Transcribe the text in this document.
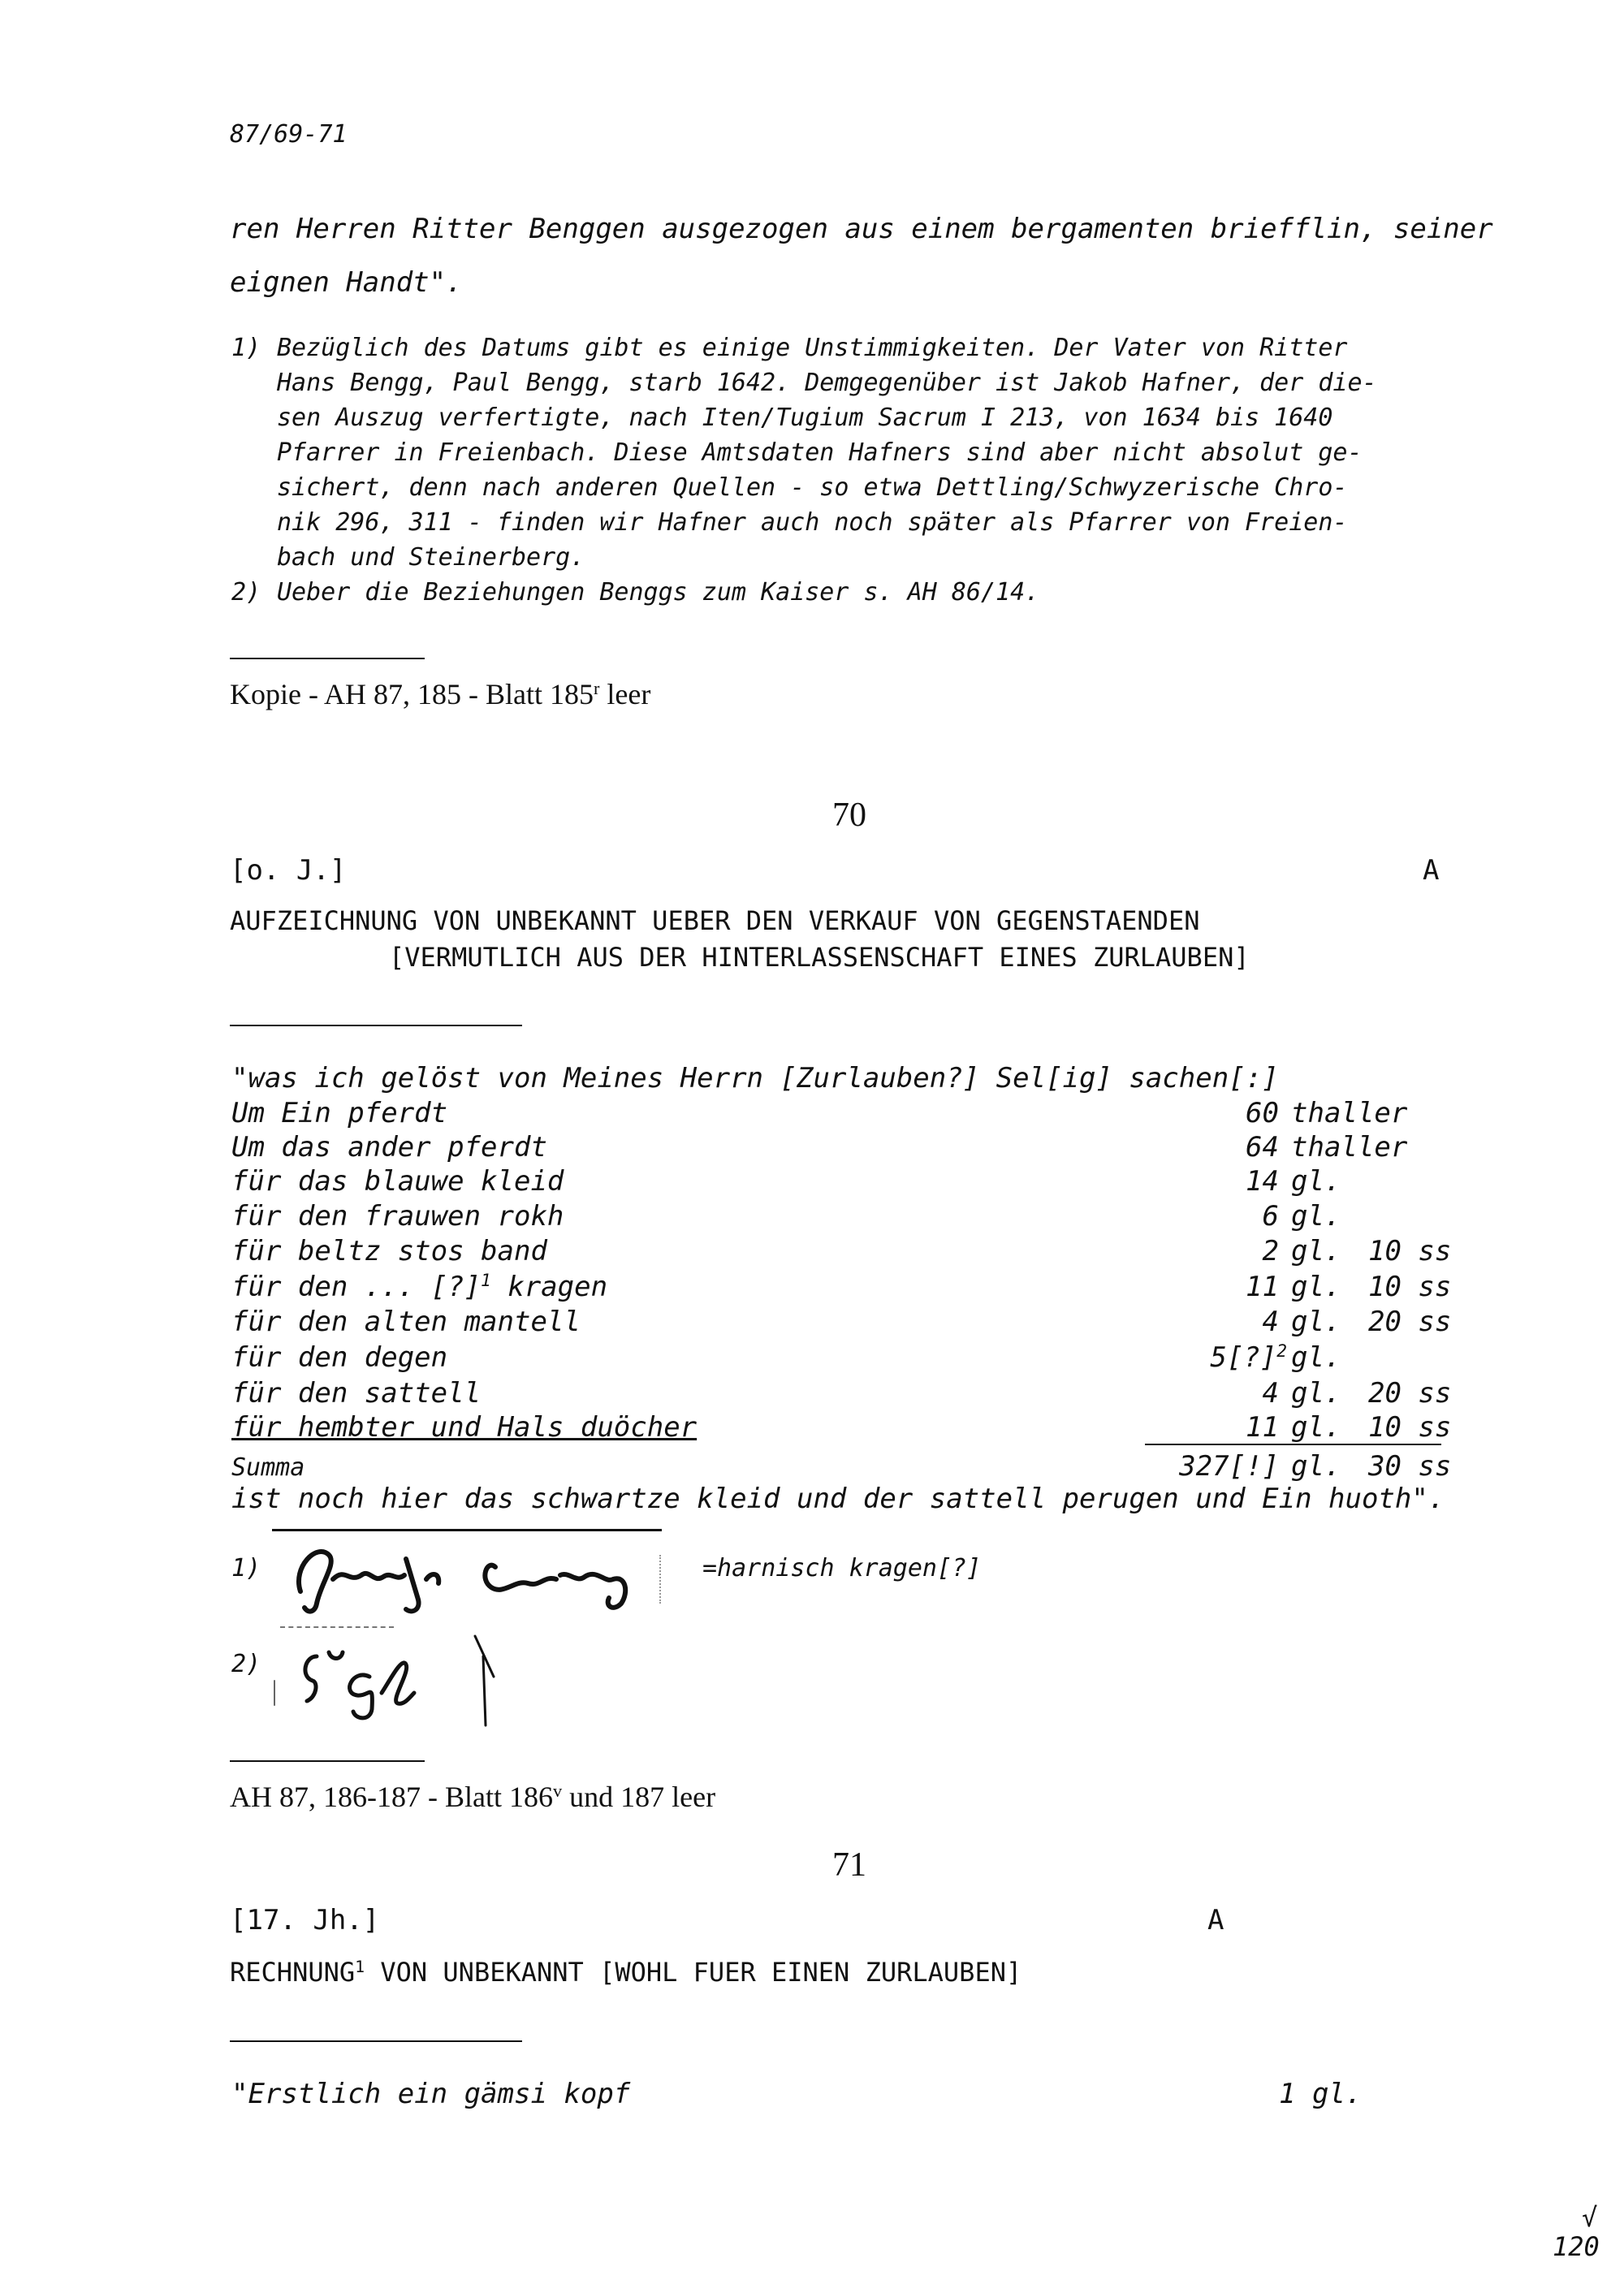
87/69-71
ren Herren Ritter Benggen ausgezogen aus einem bergamenten briefflin, seiner
eignen Handt".
1) Bezüglich des Datums gibt es einige Unstimmigkeiten. Der Vater von Ritter
Hans Bengg, Paul Bengg, starb 1642. Demgegenüber ist Jakob Hafner, der die-
sen Auszug verfertigte, nach Iten/Tugium Sacrum I 213, von 1634 bis 1640
Pfarrer in Freienbach. Diese Amtsdaten Hafners sind aber nicht absolut ge-
sichert, denn nach anderen Quellen - so etwa Dettling/Schwyzerische Chro-
nik 296, 311 - finden wir Hafner auch noch später als Pfarrer von Freien-
bach und Steinerberg.
2) Ueber die Beziehungen Benggs zum Kaiser s. AH 86/14.
Kopie - AH 87, 185 - Blatt 185$^r$ leer
70
[o. J.]	A
AUFZEICHNUNG VON UNBEKANNT UEBER DEN VERKAUF VON GEGENSTAENDEN
[VERMUTLICH AUS DER HINTERLASSENSCHAFT EINES ZURLAUBEN]
"was ich gelöst von Meines Herrn [Zurlauben?] Sel[ig] sachen[:]
Um Ein pferdt	60 thaller
Um das ander pferdt	64 thaller
für das blauwe kleid	14 gl.
für den frauwen rokh	6 gl.
für beltz stos band	2 gl. 10 ss
für den ... [?]$^1$ kragen	11 gl. 10 ss
für den alten mantell	4 gl. 20 ss
für den degen	5[?]$^2$ gl.
für den sattell	4 gl. 20 ss
für hembter und Hals duöcher	11 gl. 10 ss
Summa	327[!] gl. 30 ss
ist noch hier das schwartze kleid und der sattell perugen und Ein huoth".
1)	=harnisch kragen[?]
2)
AH 87, 186-187 - Blatt 186$^v$ und 187 leer
71
[17. Jh.]	A
RECHNUNG$^1$ VON UNBEKANNT [WOHL FUER EINEN ZURLAUBEN]
"Erstlich ein gämsi kopf	1 gl.
√
120
